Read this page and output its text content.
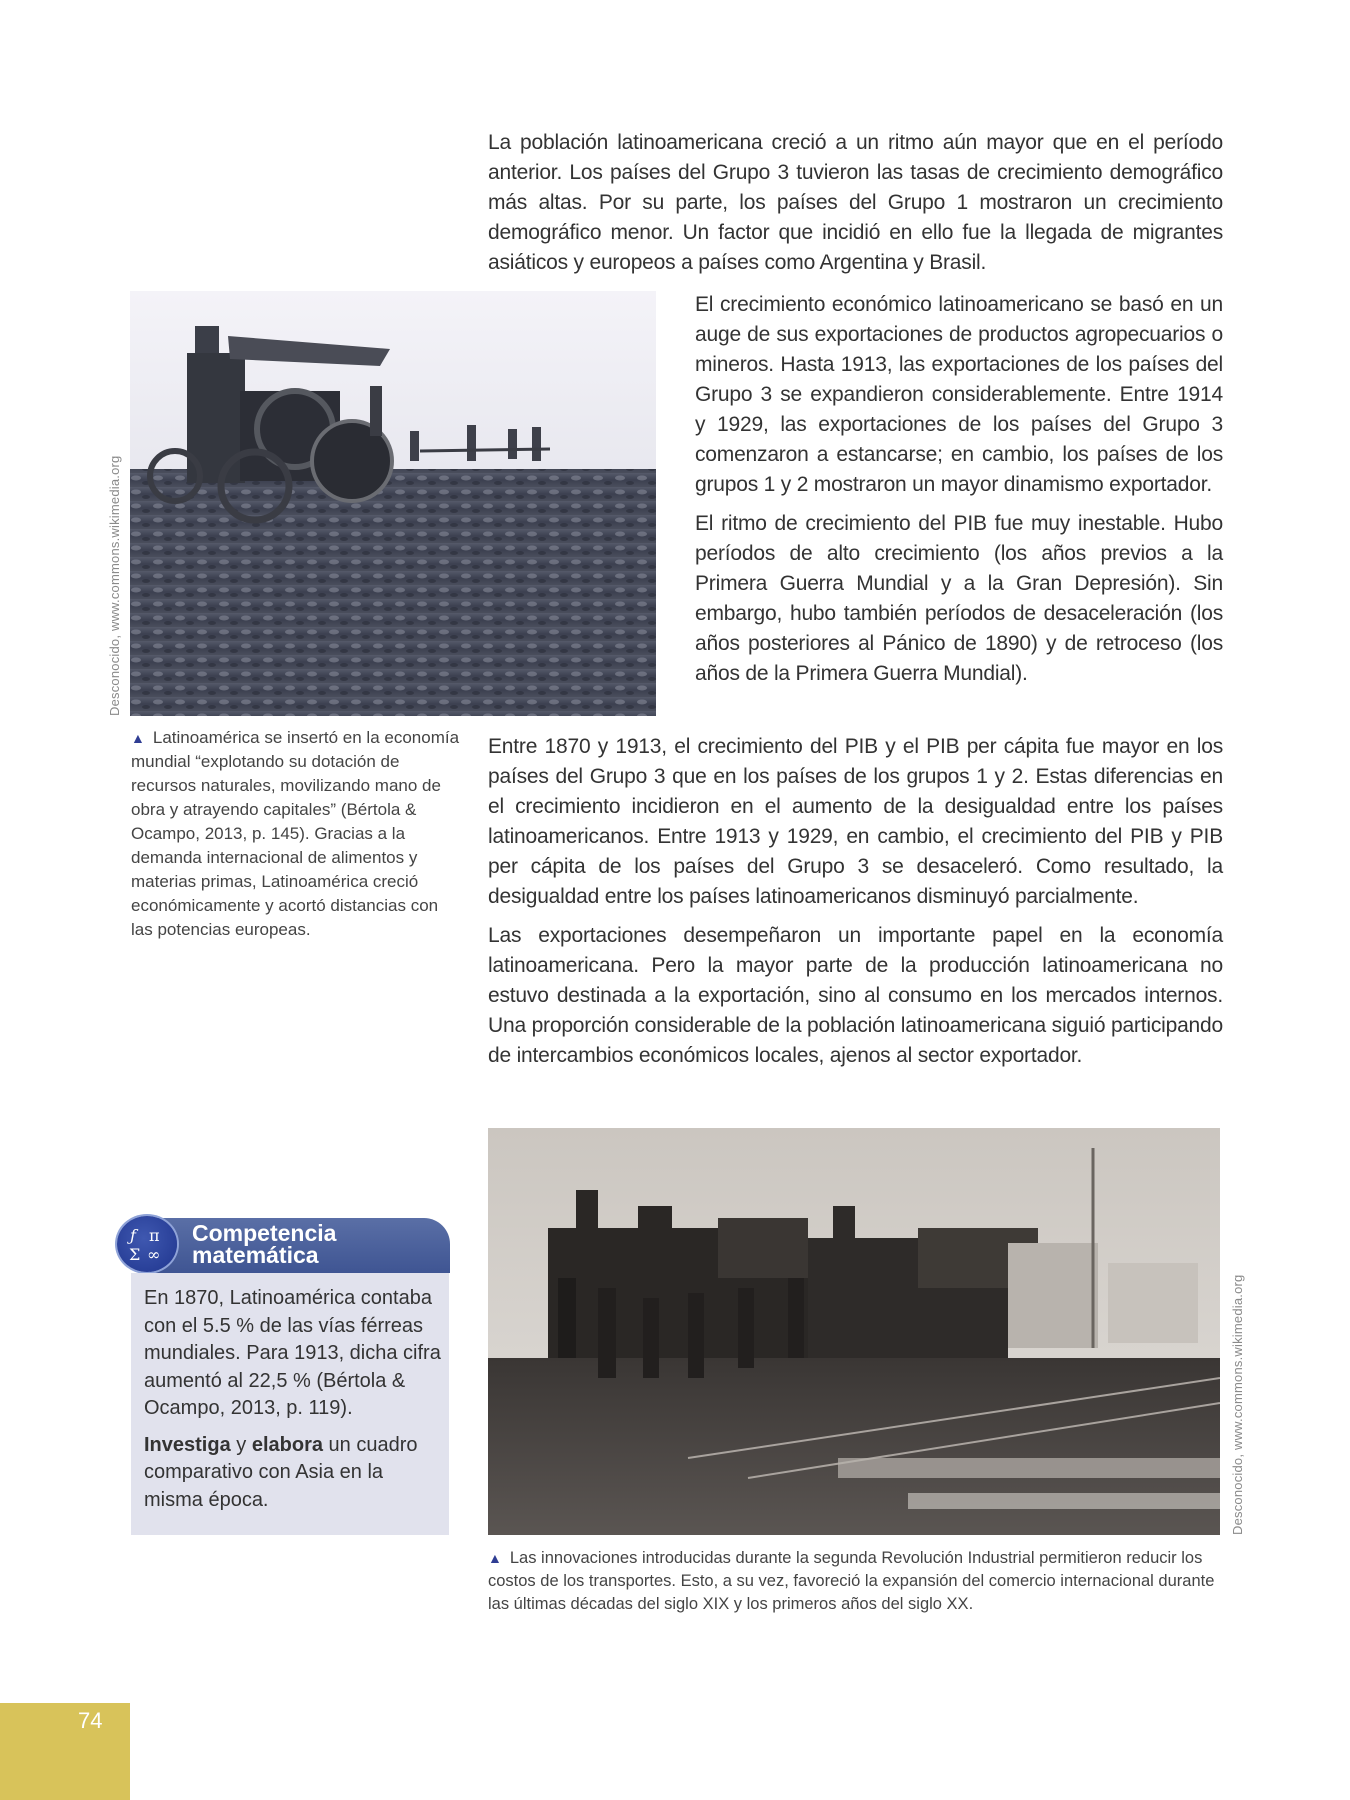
La población latinoamericana creció a un ritmo aún mayor que en el período anterior. Los países del Grupo 3 tuvieron las tasas de crecimiento demográfico más altas. Por su parte, los países del Grupo 1 mostraron un crecimiento demográfico menor. Un factor que incidió en ello fue la llegada de migrantes asiáticos y europeos a países como Argentina y Brasil.

Desconocido, www.commons.wikimedia.org
▲ Latinoamérica se insertó en la economía mundial “explotando su dotación de recursos naturales, movilizando mano de obra y atrayendo capitales” (Bértola & Ocampo, 2013, p. 145). Gracias a la demanda internacional de alimentos y materias primas, Latinoamérica creció económicamente y acortó distancias con las potencias europeas.

El crecimiento económico latinoamericano se basó en un auge de sus exportaciones de productos agropecuarios o mineros. Hasta 1913, las exportaciones de los países del Grupo 3 se expandieron considerablemente. Entre 1914 y 1929, las exportaciones de los países del Grupo 3 comenzaron a estancarse; en cambio, los países de los grupos 1 y 2 mostraron un mayor dinamismo exportador.

El ritmo de crecimiento del PIB fue muy inestable. Hubo períodos de alto crecimiento (los años previos a la Primera Guerra Mundial y a la Gran Depresión). Sin embargo, hubo también períodos de desaceleración (los años posteriores al Pánico de 1890) y de retroceso (los años de la Primera Guerra Mundial).

Entre 1870 y 1913, el crecimiento del PIB y el PIB per cápita fue mayor en los países del Grupo 3 que en los países de los grupos 1 y 2. Estas diferencias en el crecimiento incidieron en el aumento de la desigualdad entre los países latinoamericanos. Entre 1913 y 1929, en cambio, el crecimiento del PIB y PIB per cápita de los países del Grupo 3 se desaceleró. Como resultado, la desigualdad entre los países latinoamericanos disminuyó parcialmente.

Las exportaciones desempeñaron un importante papel en la economía latinoamericana. Pero la mayor parte de la producción latinoamericana no estuvo destinada a la exportación, sino al consumo en los mercados internos. Una proporción considerable de la población latinoamericana siguió participando de intercambios económicos locales, ajenos al sector exportador.

Desconocido, www.commons.wikimedia.org
▲ Las innovaciones introducidas durante la segunda Revolución Industrial permitieron reducir los costos de los transportes. Esto, a su vez, favoreció la expansión del comercio internacional durante las últimas décadas del siglo XIX y los primeros años del siglo XX.
ƒ π
Σ ∞
Competencia
matemática

En 1870, Latinoamérica contaba con el 5.5 % de las vías férreas mundiales. Para 1913, dicha cifra aumentó al 22,5 % (Bértola & Ocampo, 2013, p. 119).

Investiga y elabora un cuadro comparativo con Asia en la misma época.

74
